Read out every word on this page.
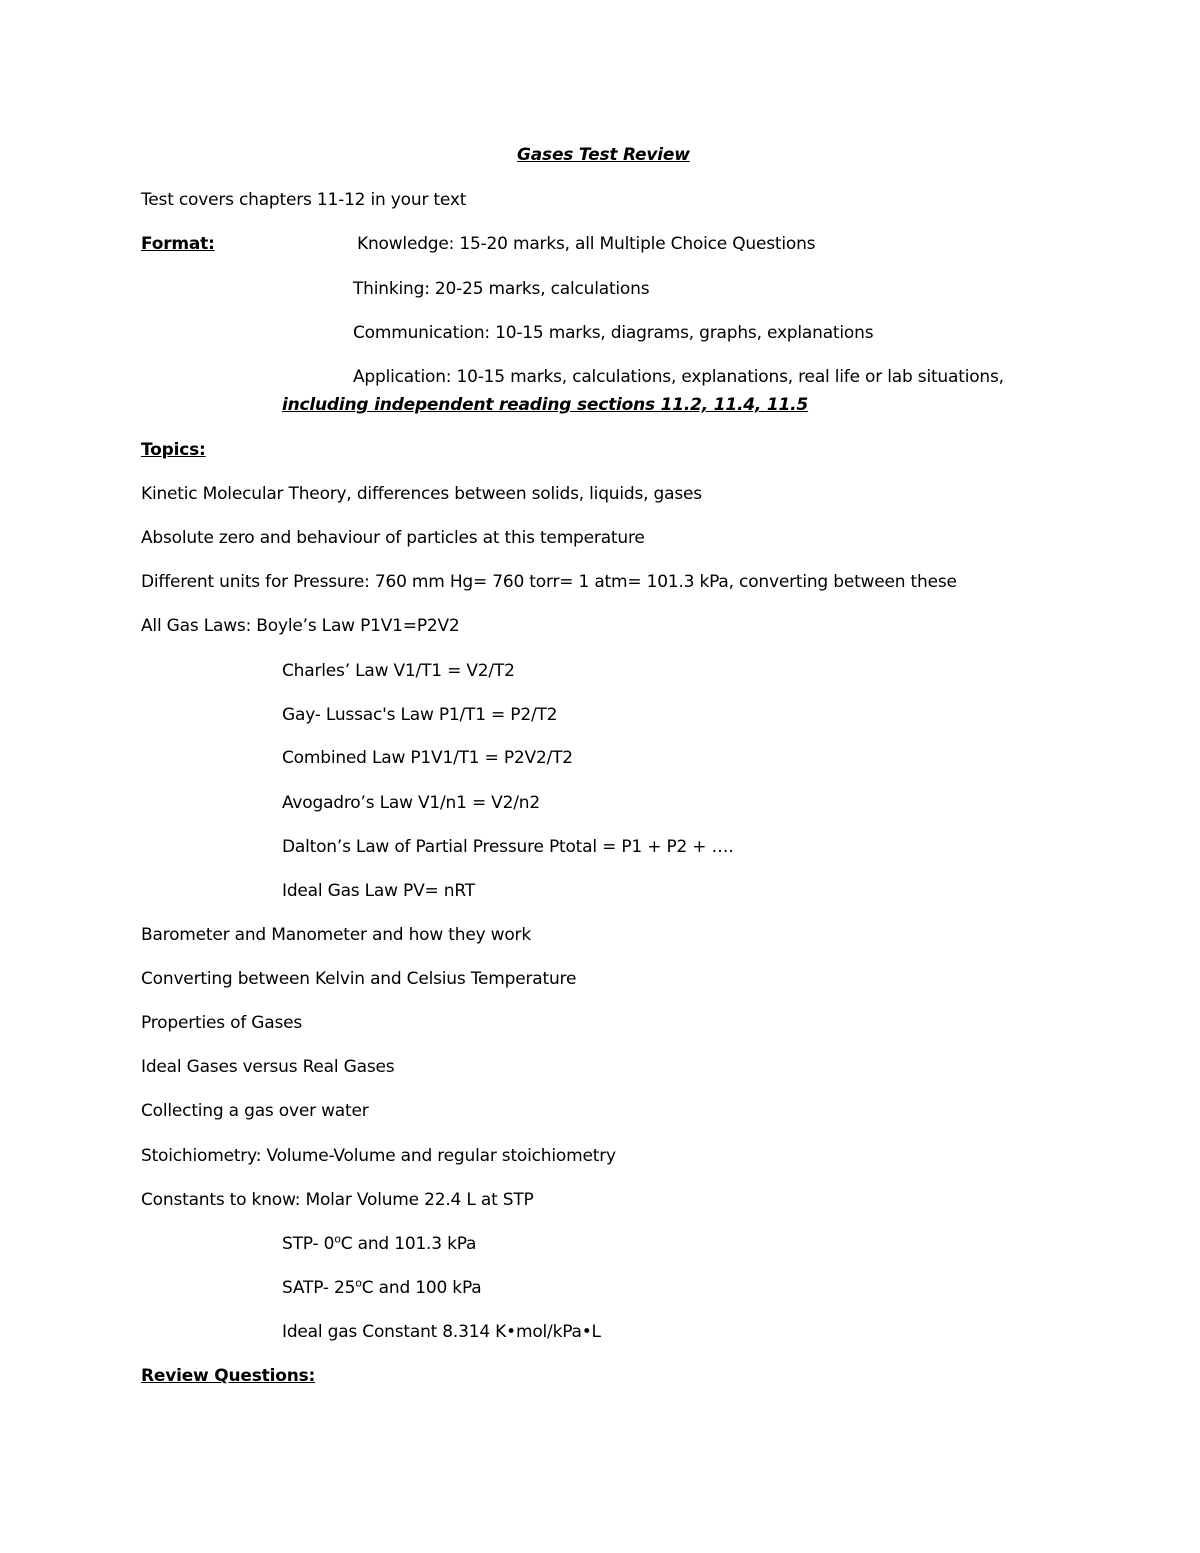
Gases Test Review
Test covers chapters 11-12 in your text
Format:	Knowledge: 15-20 marks, all Multiple Choice Questions
Thinking: 20-25 marks, calculations
Communication: 10-15 marks, diagrams, graphs, explanations
Application: 10-15 marks, calculations, explanations, real life or lab situations,
including independent reading sections 11.2, 11.4, 11.5
Topics:
Kinetic Molecular Theory, differences between solids, liquids, gases
Absolute zero and behaviour of particles at this temperature
Different units for Pressure: 760 mm Hg= 760 torr= 1 atm= 101.3 kPa, converting between these
All Gas Laws: Boyle’s Law P1V1=P2V2
Charles’ Law V1/T1 = V2/T2
Gay- Lussac's Law P1/T1 = P2/T2
Combined Law P1V1/T1 = P2V2/T2
Avogadro’s Law V1/n1 = V2/n2
Dalton’s Law of Partial Pressure Ptotal = P1 + P2 + ….
Ideal Gas Law PV= nRT
Barometer and Manometer and how they work
Converting between Kelvin and Celsius Temperature
Properties of Gases
Ideal Gases versus Real Gases
Collecting a gas over water
Stoichiometry: Volume-Volume and regular stoichiometry
Constants to know: Molar Volume 22.4 L at STP
STP- 0$^o$C and 101.3 kPa
SATP- 25$^o$C and 100 kPa
Ideal gas Constant 8.314 K•mol/kPa•L
Review Questions:
